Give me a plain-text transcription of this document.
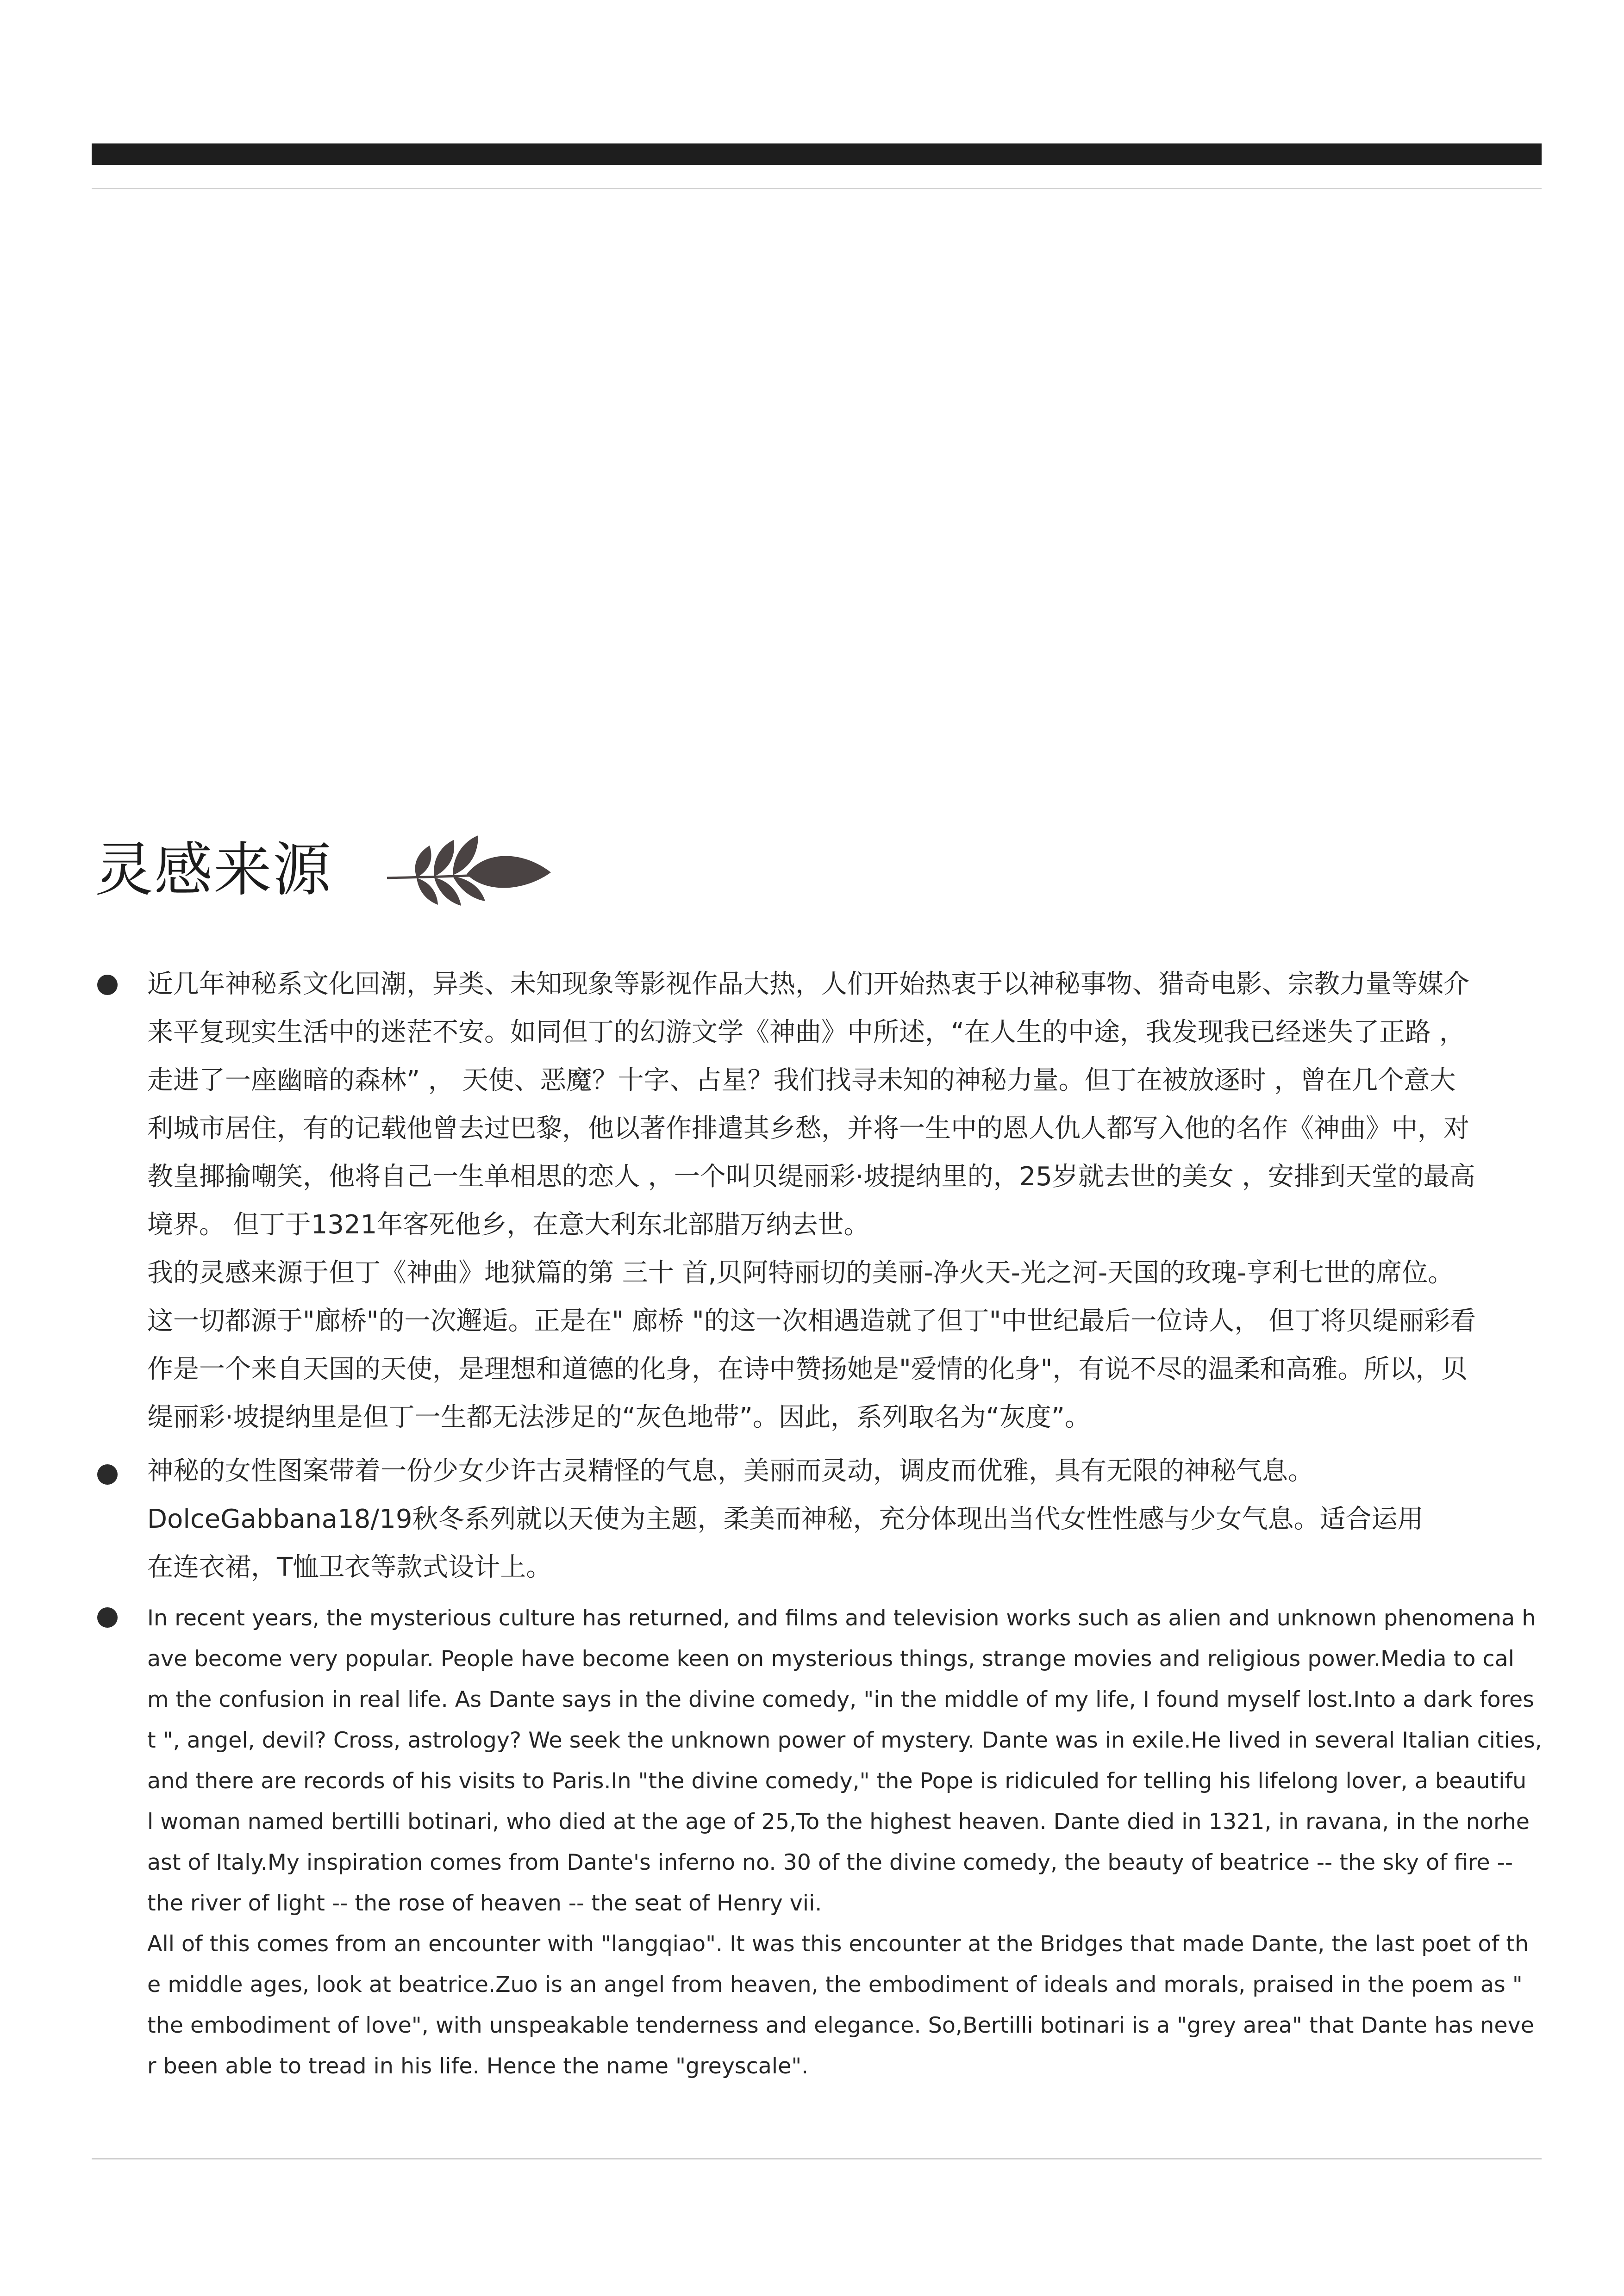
灵感来源

近几年神秘系文化回潮，异类、未知现象等影视作品大热，人们开始热衷于以神秘事物、猎奇电影、宗教力量等媒介

来平复现实生活中的迷茫不安。如同但丁的幻游文学《神曲》中所述，“在人生的中途，我发现我已经迷失了正路 ，

走进了一座幽暗的森林” ， 天使、恶魔？十字、占星？我们找寻未知的神秘力量。但丁在被放逐时 ，曾在几个意大

利城市居住，有的记载他曾去过巴黎，他以著作排遣其乡愁，并将一生中的恩人仇人都写入他的名作《神曲》中，对

教皇揶揄嘲笑，他将自己一生单相思的恋人 ，一个叫贝缇丽彩·坡提纳里的，25岁就去世的美女 ，安排到天堂的最高

境界。 但丁于1321年客死他乡，在意大利东北部腊万纳去世。

我的灵感来源于但丁《神曲》地狱篇的第 三十 首,贝阿特丽切的美丽-净火天-光之河-天国的玫瑰-亨利七世的席位。

这一切都源于"廊桥"的一次邂逅。正是在" 廊桥 "的这一次相遇造就了但丁"中世纪最后一位诗人， 但丁将贝缇丽彩看

作是一个来自天国的天使，是理想和道德的化身，在诗中赞扬她是"爱情的化身"，有说不尽的温柔和高雅。所以，贝

缇丽彩·坡提纳里是但丁一生都无法涉足的“灰色地带”。因此，系列取名为“灰度”。

神秘的女性图案带着一份少女少许古灵精怪的气息，美丽而灵动，调皮而优雅，具有无限的神秘气息。

DolceGabbana18/19秋冬系列就以天使为主题，柔美而神秘，充分体现出当代女性性感与少女气息。适合运用

在连衣裙，T恤卫衣等款式设计上。

In recent years, the mysterious culture has returned, and films and television works such as alien and unknown phenomena h

ave become very popular. People have become keen on mysterious things, strange movies and religious power.Media to cal

m the confusion in real life. As Dante says in the divine comedy, "in the middle of my life, I found myself lost.Into a dark fores

t ", angel, devil? Cross, astrology? We seek the unknown power of mystery. Dante was in exile.He lived in several Italian cities,

and there are records of his visits to Paris.In "the divine comedy," the Pope is ridiculed for telling his lifelong lover, a beautifu

l woman named bertilli botinari, who died at the age of 25,To the highest heaven. Dante died in 1321, in ravana, in the norhe

ast of Italy.My inspiration comes from Dante's inferno no. 30 of the divine comedy, the beauty of beatrice -- the sky of fire --

the river of light -- the rose of heaven -- the seat of Henry vii.

All of this comes from an encounter with "langqiao". It was this encounter at the Bridges that made Dante, the last poet of th

e middle ages, look at beatrice.Zuo is an angel from heaven, the embodiment of ideals and morals, praised in the poem as "

the embodiment of love", with unspeakable tenderness and elegance. So,Bertilli botinari is a "grey area" that Dante has neve

r been able to tread in his life. Hence the name "greyscale".
